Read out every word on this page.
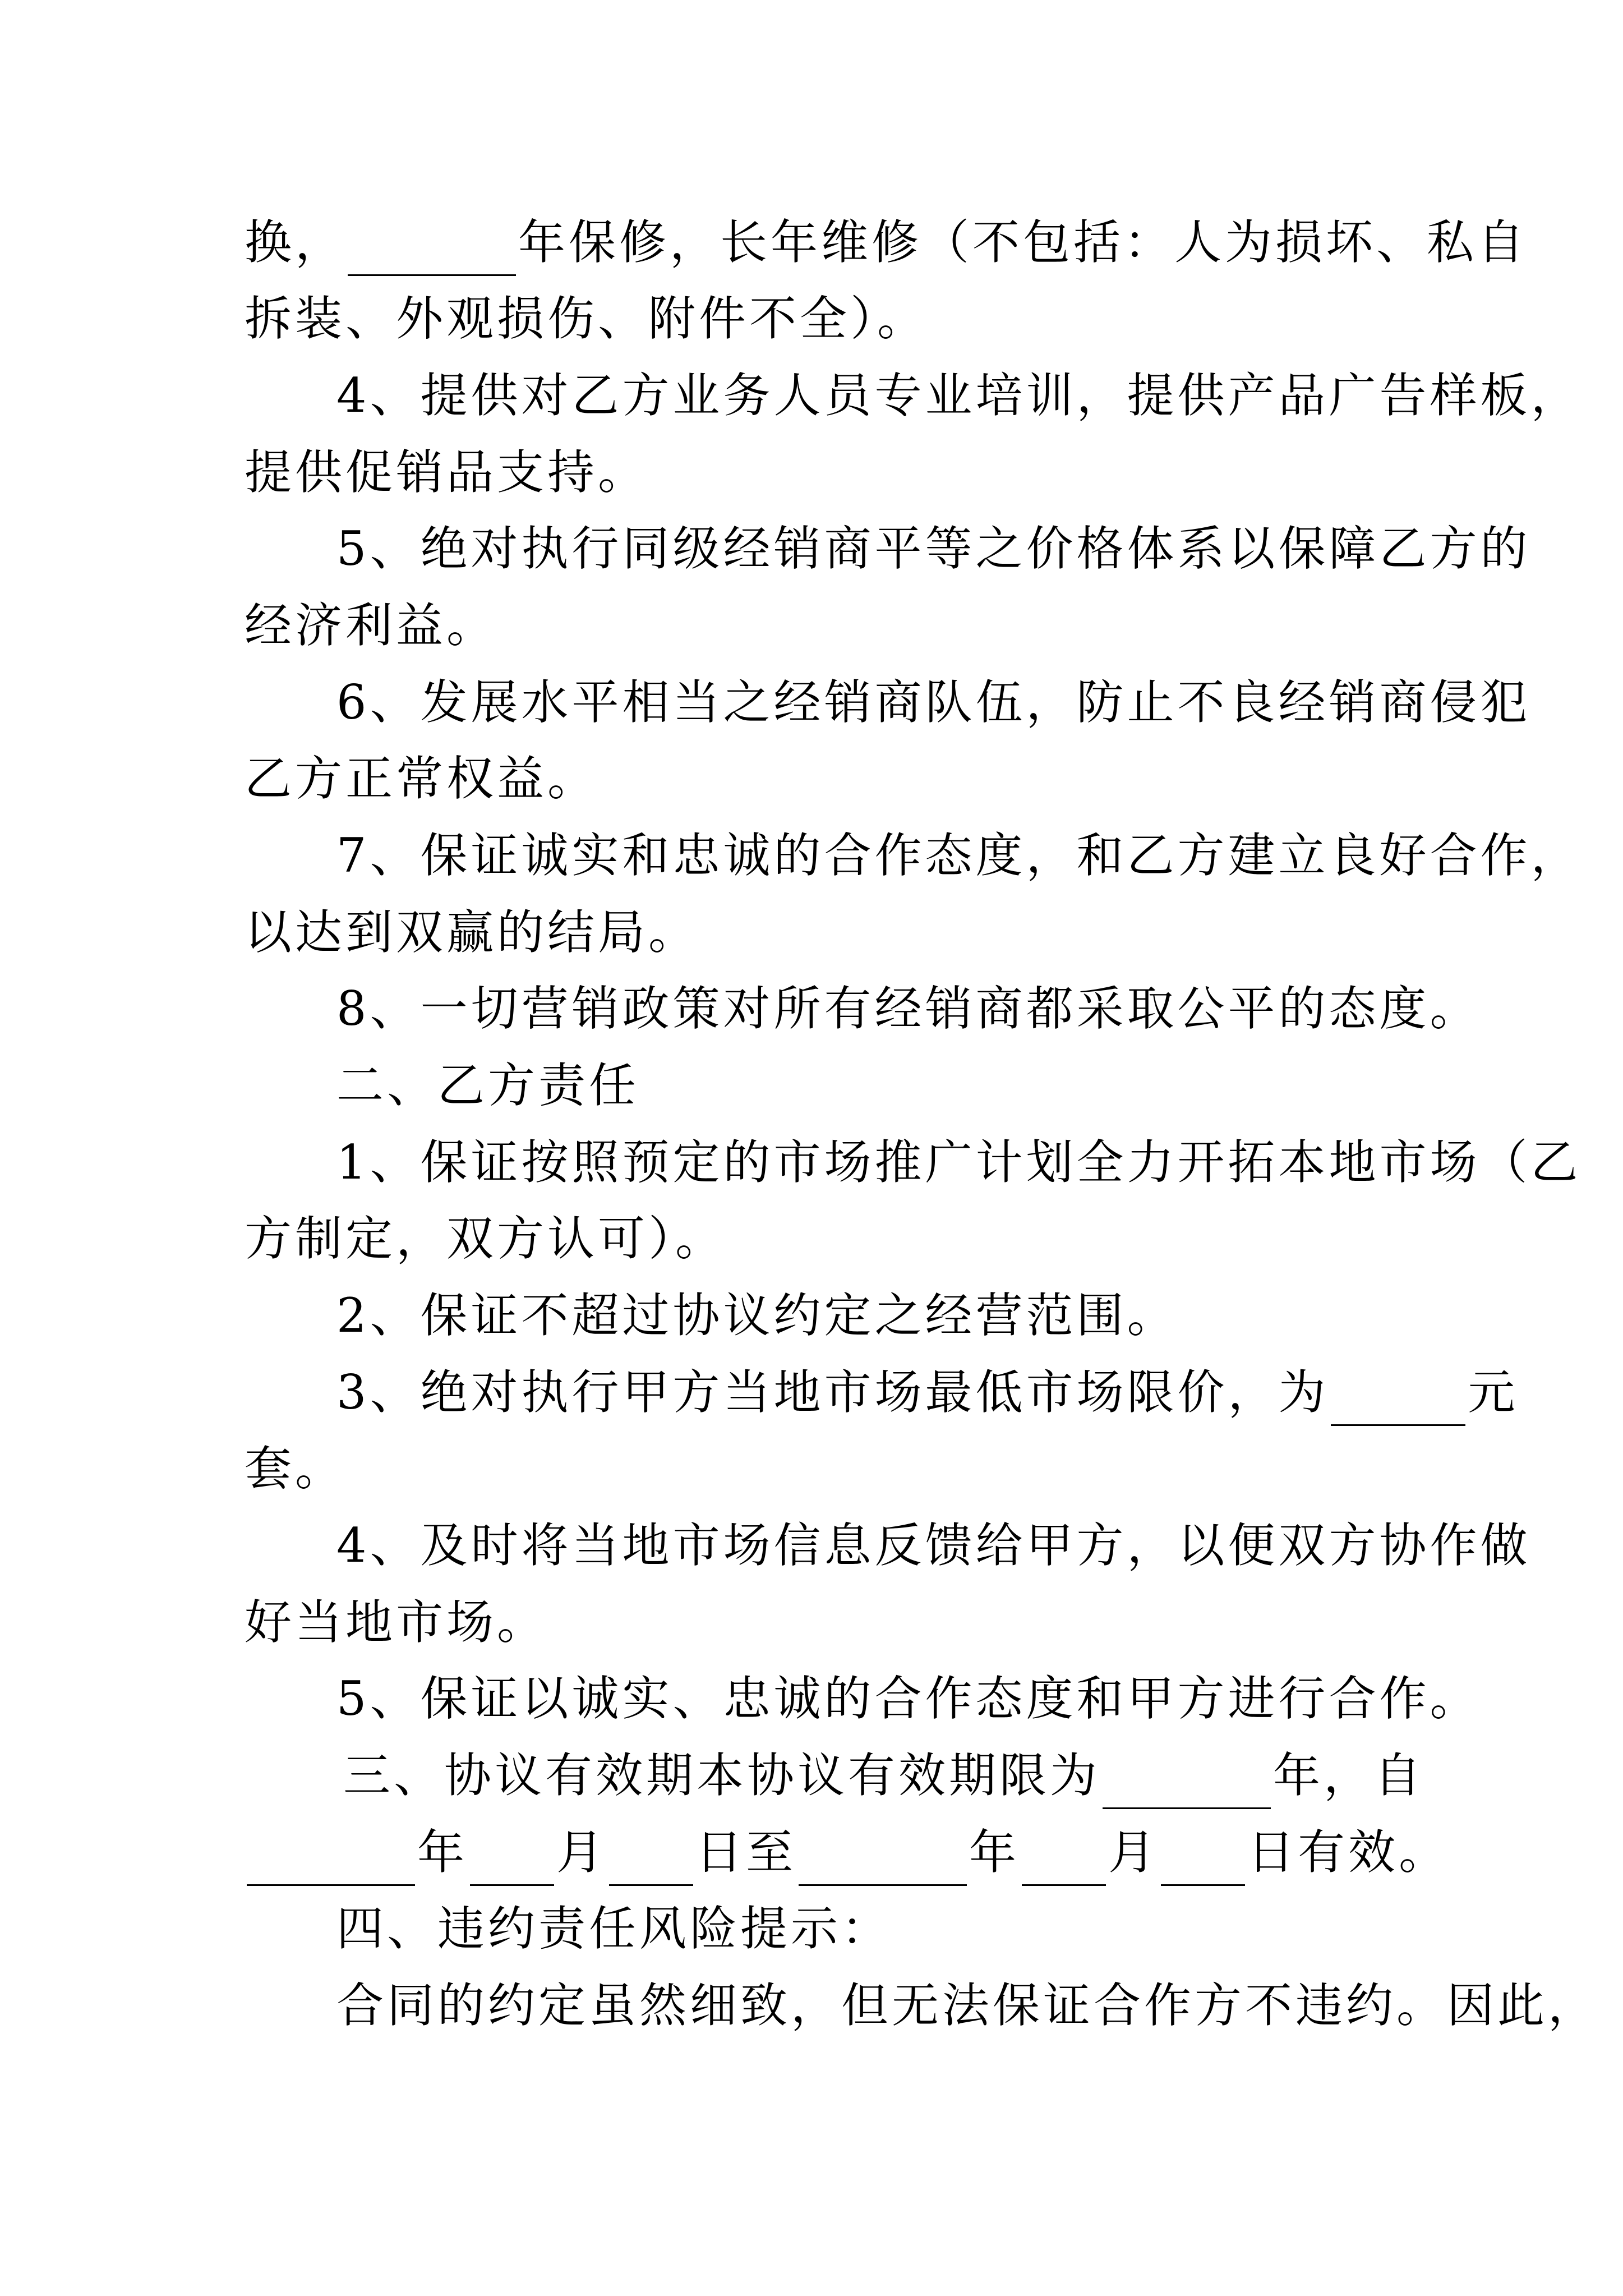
换，	年保修，长年维修（不包括：人为损坏、私自
拆装、外观损伤、附件不全）。
4、提供对乙方业务人员专业培训，提供产品广告样板，
提供促销品支持。
5、绝对执行同级经销商平等之价格体系以保障乙方的
经济利益。
6、发展水平相当之经销商队伍，防止不良经销商侵犯
乙方正常权益。
7、保证诚实和忠诚的合作态度，和乙方建立良好合作，
以达到双赢的结局。
8、一切营销政策对所有经销商都采取公平的态度。
二、乙方责任
1、保证按照预定的市场推广计划全力开拓本地市场（乙
方制定，双方认可）。
2、保证不超过协议约定之经营范围。
3、绝对执行甲方当地市场最低市场限价，为	元
套。
4、及时将当地市场信息反馈给甲方，以便双方协作做
好当地市场。
5、保证以诚实、忠诚的合作态度和甲方进行合作。
三、协议有效期本协议有效期限为	年，自
年 月 日至	年 月 日有效。
四、违约责任风险提示：
合同的约定虽然细致，但无法保证合作方不违约。因此，
